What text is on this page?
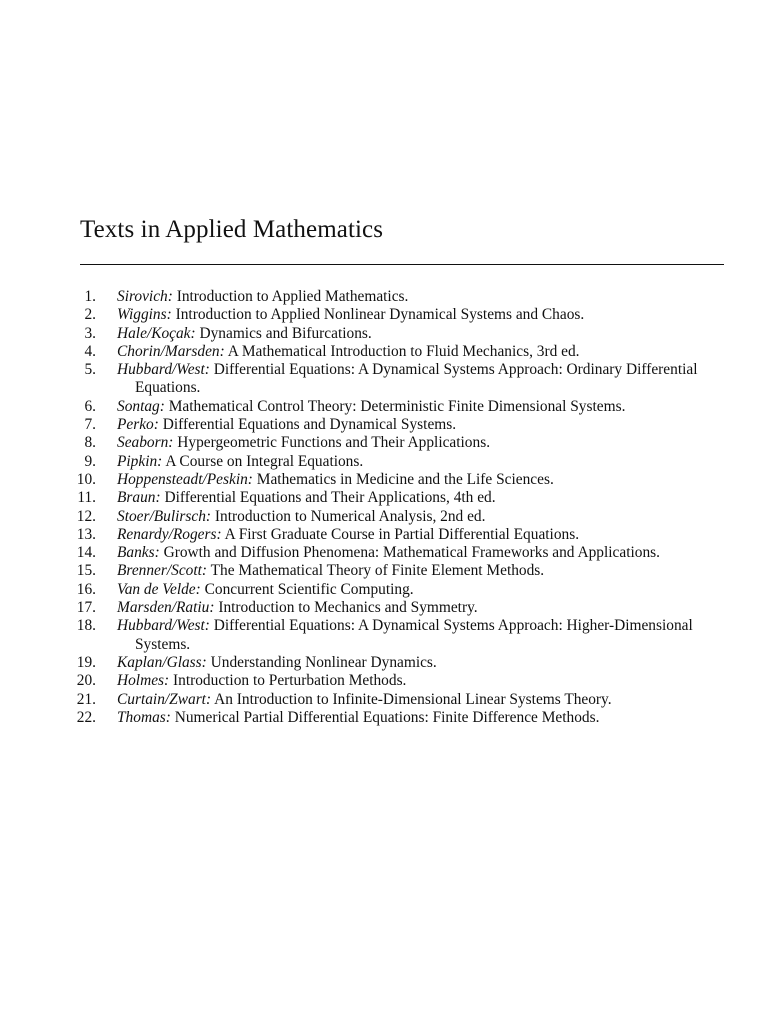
Texts in Applied Mathematics
1. Sirovich: Introduction to Applied Mathematics.
2. Wiggins: Introduction to Applied Nonlinear Dynamical Systems and Chaos.
3. Hale/Koçak: Dynamics and Bifurcations.
4. Chorin/Marsden: A Mathematical Introduction to Fluid Mechanics, 3rd ed.
5. Hubbard/West: Differential Equations: A Dynamical Systems Approach: Ordinary Differential Equations.
6. Sontag: Mathematical Control Theory: Deterministic Finite Dimensional Systems.
7. Perko: Differential Equations and Dynamical Systems.
8. Seaborn: Hypergeometric Functions and Their Applications.
9. Pipkin: A Course on Integral Equations.
10. Hoppensteadt/Peskin: Mathematics in Medicine and the Life Sciences.
11. Braun: Differential Equations and Their Applications, 4th ed.
12. Stoer/Bulirsch: Introduction to Numerical Analysis, 2nd ed.
13. Renardy/Rogers: A First Graduate Course in Partial Differential Equations.
14. Banks: Growth and Diffusion Phenomena: Mathematical Frameworks and Applications.
15. Brenner/Scott: The Mathematical Theory of Finite Element Methods.
16. Van de Velde: Concurrent Scientific Computing.
17. Marsden/Ratiu: Introduction to Mechanics and Symmetry.
18. Hubbard/West: Differential Equations: A Dynamical Systems Approach: Higher-Dimensional Systems.
19. Kaplan/Glass: Understanding Nonlinear Dynamics.
20. Holmes: Introduction to Perturbation Methods.
21. Curtain/Zwart: An Introduction to Infinite-Dimensional Linear Systems Theory.
22. Thomas: Numerical Partial Differential Equations: Finite Difference Methods.
